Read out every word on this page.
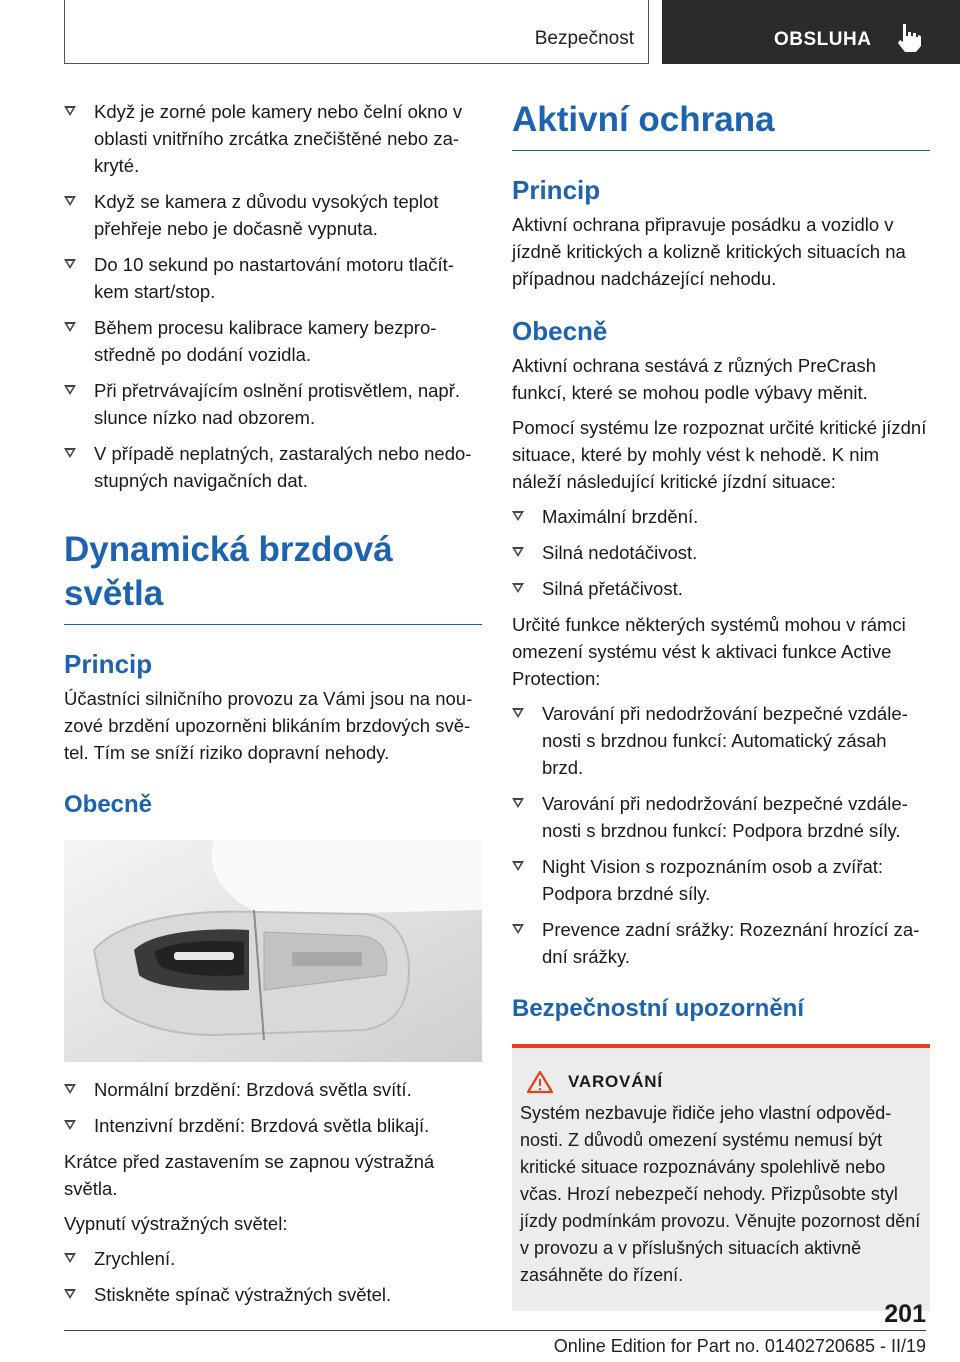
Bezpečnost	OBSLUHA
Když je zorné pole kamery nebo čelní okno v oblasti vnitřního zrcátka znečištěné nebo za‐kryté.
Když se kamera z důvodu vysokých teplot přehřeje nebo je dočasně vypnuta.
Do 10 sekund po nastartování motoru tlačít‐kem start/stop.
Během procesu kalibrace kamery bezpro‐středně po dodání vozidla.
Při přetrvávajícím oslnění protisvětlem, např. slunce nízko nad obzorem.
V případě neplatných, zastaralých nebo nedo‐stupných navigačních dat.
Dynamická brzdová světla
Princip
Účastníci silničního provozu za Vámi jsou na nou‐zové brzdění upozorněni blikáním brzdových svě‐tel. Tím se sníží riziko dopravní nehody.
Obecně
Normální brzdění: Brzdová světla svítí.
Intenzivní brzdění: Brzdová světla blikají.
Krátce před zastavením se zapnou výstražná světla.
Vypnutí výstražných světel:
Zrychlení.
Stiskněte spínač výstražných světel.
Aktivní ochrana
Princip
Aktivní ochrana připravuje posádku a vozidlo v jízdně kritických a kolizně kritických situacích na případnou nadcházející nehodu.
Obecně
Aktivní ochrana sestává z různých PreCrash funkcí, které se mohou podle výbavy měnit.
Pomocí systému lze rozpoznat určité kritické jízdní situace, které by mohly vést k nehodě. K nim náleží následující kritické jízdní situace:
Maximální brzdění.
Silná nedotáčivost.
Silná přetáčivost.
Určité funkce některých systémů mohou v rámci omezení systému vést k aktivaci funkce Active Protection:
Varování při nedodržování bezpečné vzdále‐nosti s brzdnou funkcí: Automatický zásah brzd.
Varování při nedodržování bezpečné vzdále‐nosti s brzdnou funkcí: Podpora brzdné síly.
Night Vision s rozpoznáním osob a zvířat: Podpora brzdné síly.
Prevence zadní srážky: Rozeznání hrozící za‐dní srážky.
Bezpečnostní upozornění
VAROVÁNÍ
Systém nezbavuje řidiče jeho vlastní odpověd‐nosti. Z důvodů omezení systému nemusí být kritické situace rozpoznávány spolehlivě nebo včas. Hrozí nebezpečí nehody. Přizpůsobte styl jízdy podmínkám provozu. Věnujte pozornost dění v provozu a v příslušných situacích aktivně zasáhněte do řízení.
201
Online Edition for Part no. 01402720685 - II/19
